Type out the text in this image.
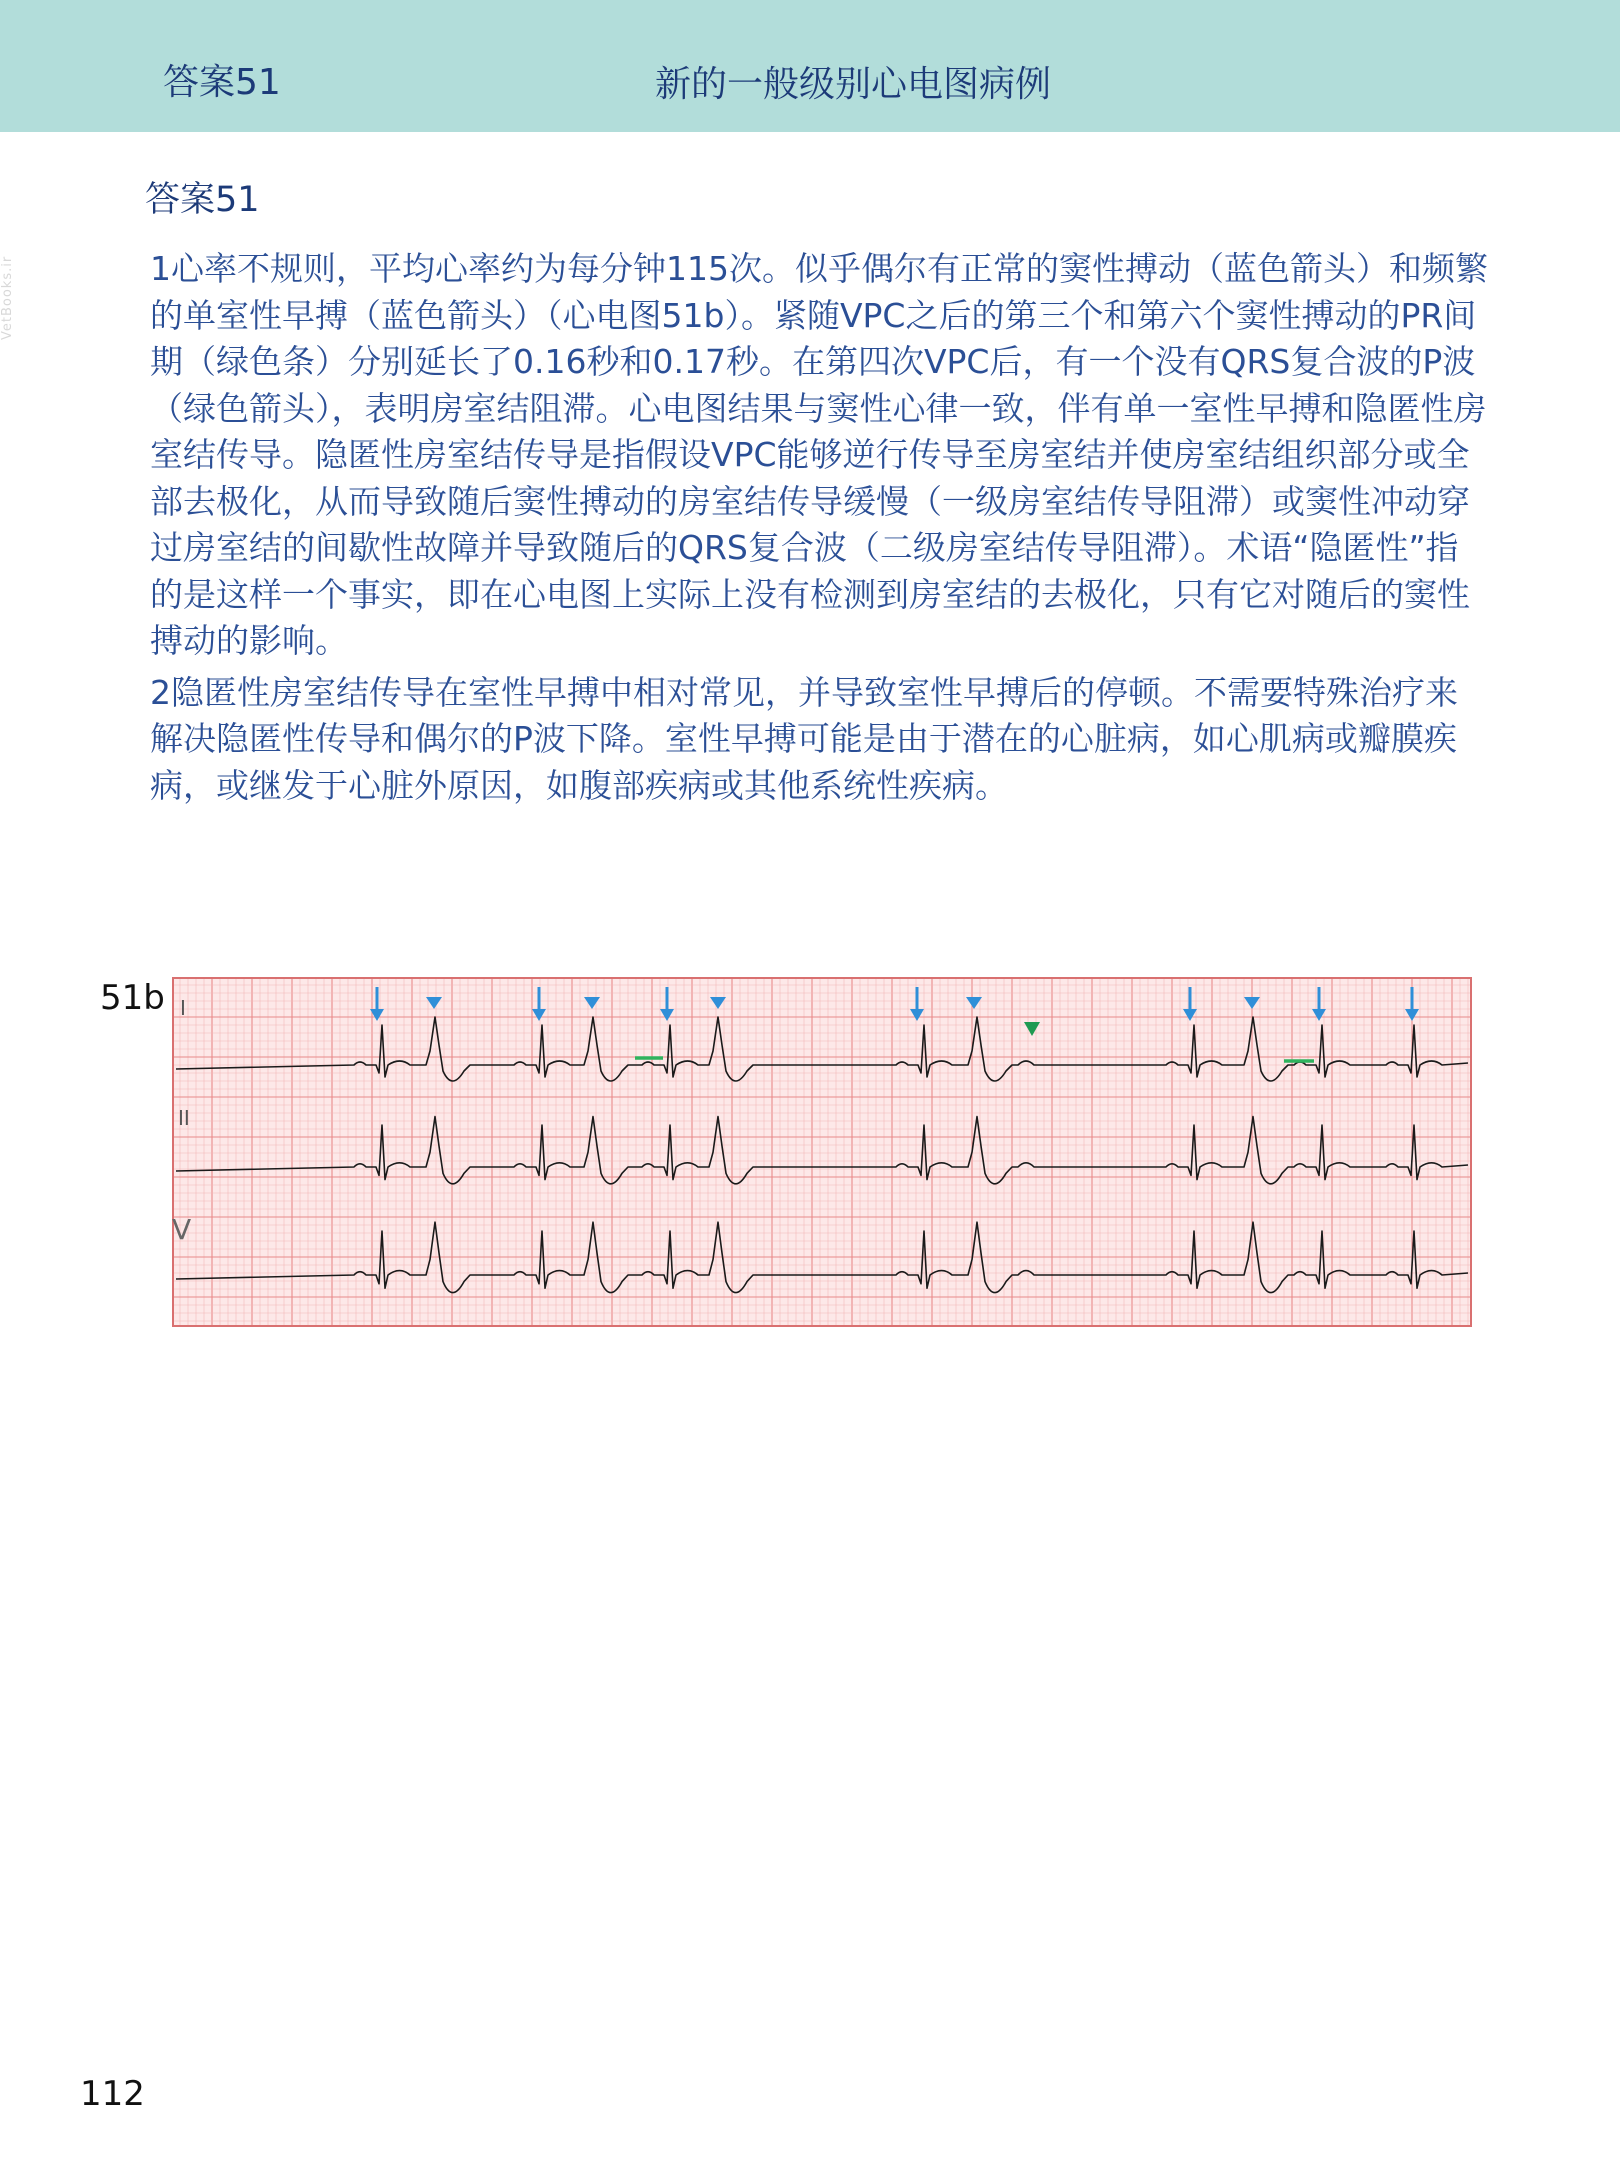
答案51	新的一般级别心电图病例
VetBooks.ir
答案51

1心率不规则，平均心率约为每分钟115次。似乎偶尔有正常的窦性搏动（蓝色箭头）和频繁的单室性早搏（蓝色箭头）（心电图51b）。紧随VPC之后的第三个和第六个窦性搏动的PR间期（绿色条）分别延长了0.16秒和0.17秒。在第四次VPC后，有一个没有QRS复合波的P波（绿色箭头），表明房室结阻滞。心电图结果与窦性心律一致，伴有单一室性早搏和隐匿性房室结传导。隐匿性房室结传导是指假设VPC能够逆行传导至房室结并使房室结组织部分或全部去极化，从而导致随后窦性搏动的房室结传导缓慢（一级房室结传导阻滞）或窦性冲动穿过房室结的间歇性故障并导致随后的QRS复合波（二级房室结传导阻滞）。术语“隐匿性”指的是这样一个事实，即在心电图上实际上没有检测到房室结的去极化，只有它对随后的窦性搏动的影响。

2隐匿性房室结传导在室性早搏中相对常见，并导致室性早搏后的停顿。不需要特殊治疗来解决隐匿性传导和偶尔的P波下降。室性早搏可能是由于潜在的心脏病，如心肌病或瓣膜疾病，或继发于心脏外原因，如腹部疾病或其他系统性疾病。

51b I
II
V
112
